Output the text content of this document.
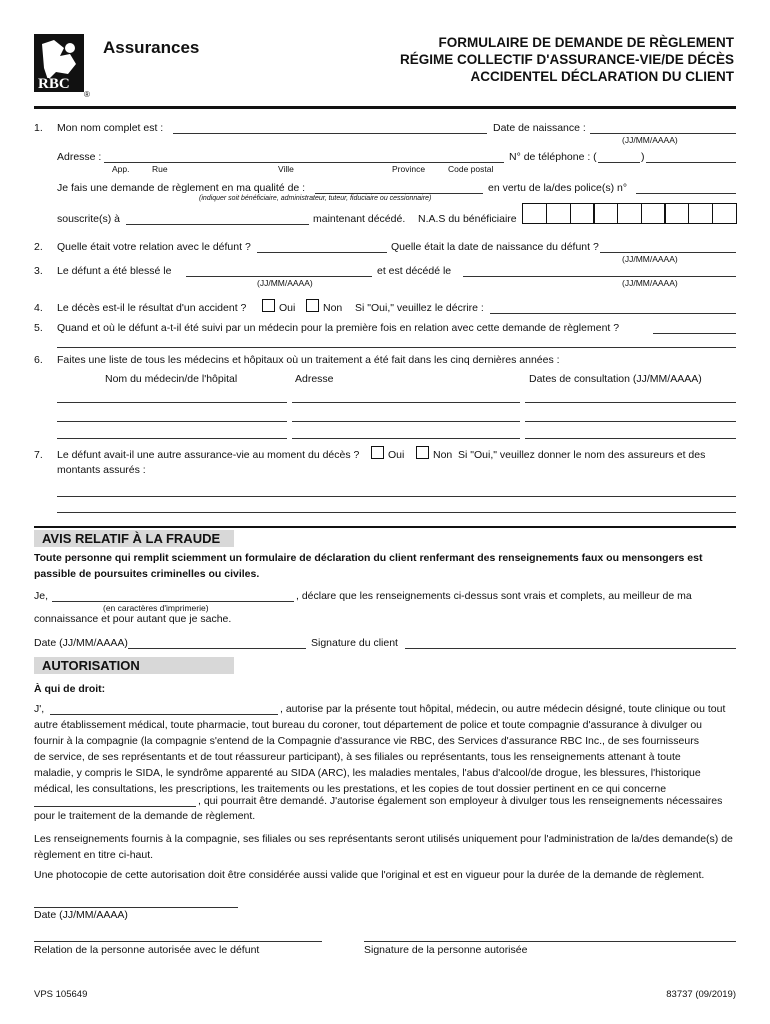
RBC
®
Assurances	FORMULAIRE DE DEMANDE DE RÈGLEMENT
RÉGIME COLLECTIF D'ASSURANCE-VIE/DE DÉCÈS
ACCIDENTEL DÉCLARATION DU CLIENT
1.	Mon nom complet est :	Date de naissance :
(JJ/MM/AAAA)
Adresse :
App.	Rue	Ville	Province	Code postal
N° de téléphone : (	)
Je fais une demande de règlement en ma qualité de :
(indiquer soit bénéficiaire, administrateur, tuteur, fiduciaire ou cessionnaire)
en vertu de la/des police(s) n°
souscrite(s) à	maintenant décédé. N.A.S du bénéficiaire
2.	Quelle était votre relation avec le défunt ?	Quelle était la date de naissance du défunt ?
(JJ/MM/AAAA)
3.	Le défunt a été blessé le
(JJ/MM/AAAA)
et est décédé le
(JJ/MM/AAAA)
4.	Le décès est-il le résultat d'un accident ?	Oui	Non Si "Oui," veuillez le décrire :
5.	Quand et où le défunt a-t-il été suivi par un médecin pour la première fois en relation avec cette demande de règlement ?
6.	Faites une liste de tous les médecins et hôpitaux où un traitement a été fait dans les cinq dernières années :
Nom du médecin/de l'hôpital	Adresse	Dates de consultation (JJ/MM/AAAA)
7.	Le défunt avait-il une autre assurance-vie au moment du décès ?	Oui	Non Si "Oui," veuillez donner le nom des assureurs et des
montants assurés :
AVIS RELATIF À LA FRAUDE
Toute personne qui remplit sciemment un formulaire de déclaration du client renfermant des renseignements faux ou mensongers est passible de poursuites criminelles ou civiles.
Je,	, déclare que les renseignements ci-dessus sont vrais et complets, au meilleur de ma
(en caractères d'imprimerie)
connaissance et pour autant que je sache.
Date (JJ/MM/AAAA)	Signature du client
AUTORISATION
À qui de droit:
J',	, autorise par la présente tout hôpital, médecin, ou autre médecin désigné, toute clinique ou tout
autre établissement médical, toute pharmacie, tout bureau du coroner, tout département de police et toute compagnie d'assurance à divulger ou
fournir à la compagnie (la compagnie s'entend de la Compagnie d'assurance vie RBC, des Services d'assurance RBC Inc., de ses fournisseurs
de service, de ses représentants et de tout réassureur participant), à ses filiales ou représentants, tous les renseignements attenant à toute
maladie, y compris le SIDA, le syndrôme apparenté au SIDA (ARC), les maladies mentales, l'abus d'alcool/de drogue, les blessures, l'historique
médical, les consultations, les prescriptions, les traitements ou les prestations, et les copies de tout dossier pertinent en ce qui concerne
, qui pourrait être demandé. J'autorise également son employeur à divulger tous les renseignements nécessaires
pour le traitement de la demande de règlement.
Les renseignements fournis à la compagnie, ses filiales ou ses représentants seront utilisés uniquement pour l'administration de la/des demande(s) de règlement en titre ci-haut.
Une photocopie de cette autorisation doit être considérée aussi valide que l'original et est en vigueur pour la durée de la demande de règlement.
Date (JJ/MM/AAAA)
Relation de la personne autorisée avec le défunt	Signature de la personne autorisée
VPS 105649	83737 (09/2019)
